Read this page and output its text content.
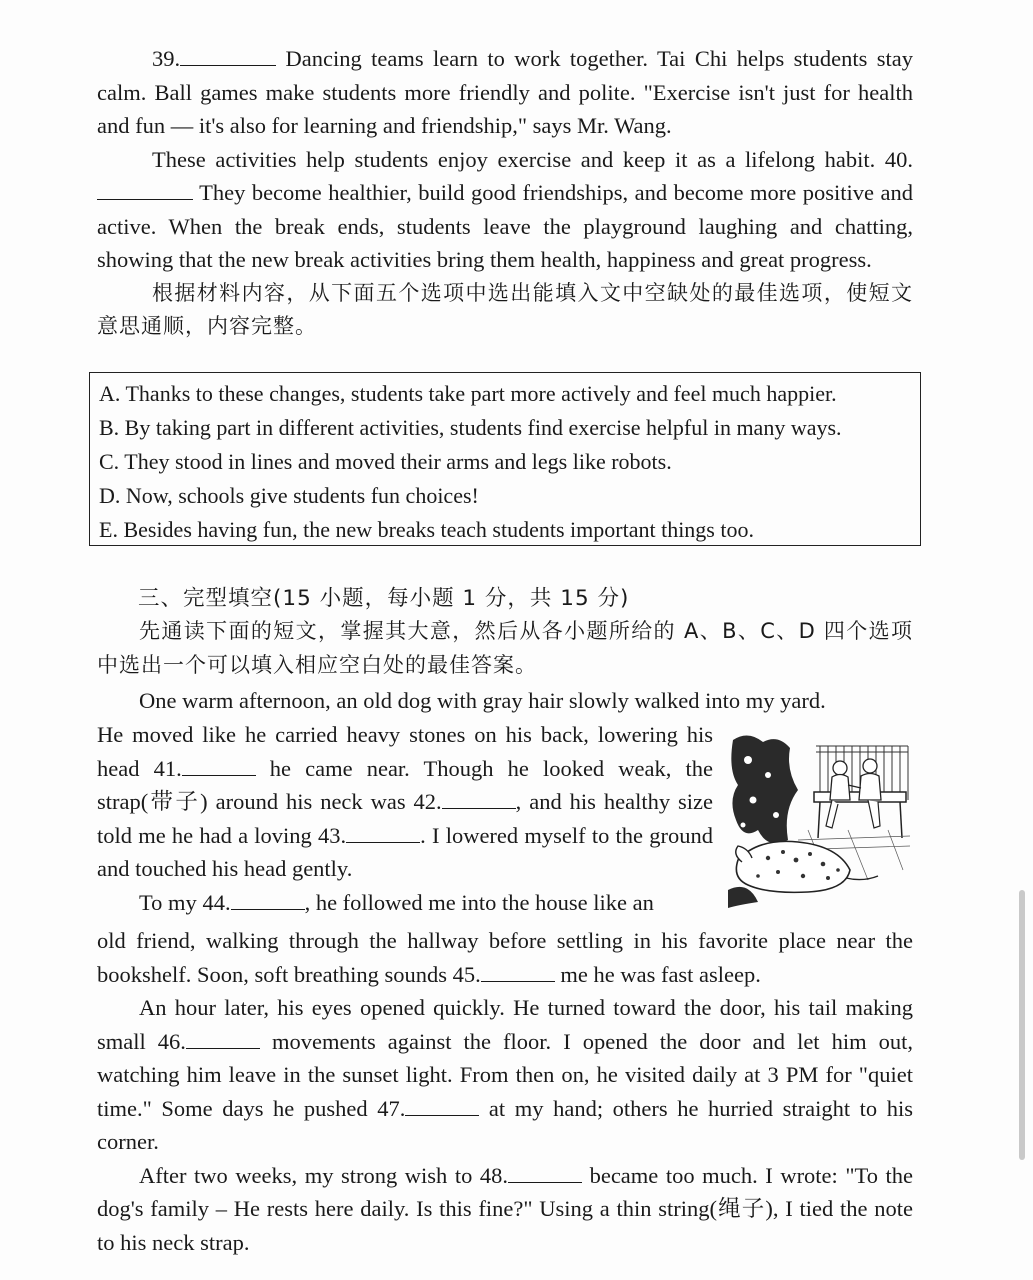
39.	Dancing teams learn to work together. Tai Chi helps students stay calm. Ball games make students more friendly and polite. "Exercise isn't just for health and fun — it's also for learning and friendship," says Mr. Wang.

These activities help students enjoy exercise and keep it as a lifelong habit. 40. They become healthier, build good friendships, and become more positive and active. When the break ends, students leave the playground laughing and chatting, showing that the new break activities bring them health, happiness and great progress.

根据材料内容，从下面五个选项中选出能填入文中空缺处的最佳选项，使短文意思通顺，内容完整。

A. Thanks to these changes, students take part more actively and feel much happier.
B. By taking part in different activities, students find exercise helpful in many ways.
C. They stood in lines and moved their arms and legs like robots.
D. Now, schools give students fun choices!
E. Besides having fun, the new breaks teach students important things too.
三、完型填空(15 小题，每小题 1 分，共 15 分)

先通读下面的短文，掌握其大意，然后从各小题所给的 A、B、C、D 四个选项中选出一个可以填入相应空白处的最佳答案。

One warm afternoon, an old dog with gray hair slowly walked into my yard.

He moved like he carried heavy stones on his back, lowering his head 41.	he came near. Though he looked weak, the strap(带子) around his neck was 42.	, and his healthy size told me he had a loving 43.	. I lowered myself to the ground and touched his head gently.

To my 44.	, he followed me into the house like an

old friend, walking through the hallway before settling in his favorite place near the bookshelf. Soon, soft breathing sounds 45.	me he was fast asleep.

An hour later, his eyes opened quickly. He turned toward the door, his tail making small 46.	movements against the floor. I opened the door and let him out, watching him leave in the sunset light. From then on, he visited daily at 3 PM for "quiet time." Some days he pushed 47.	at my hand; others he hurried straight to his corner.

After two weeks, my strong wish to 48.	became too much. I wrote: "To the dog's family – He rests here daily. Is this fine?" Using a thin string(绳子), I tied the note to his neck strap.
